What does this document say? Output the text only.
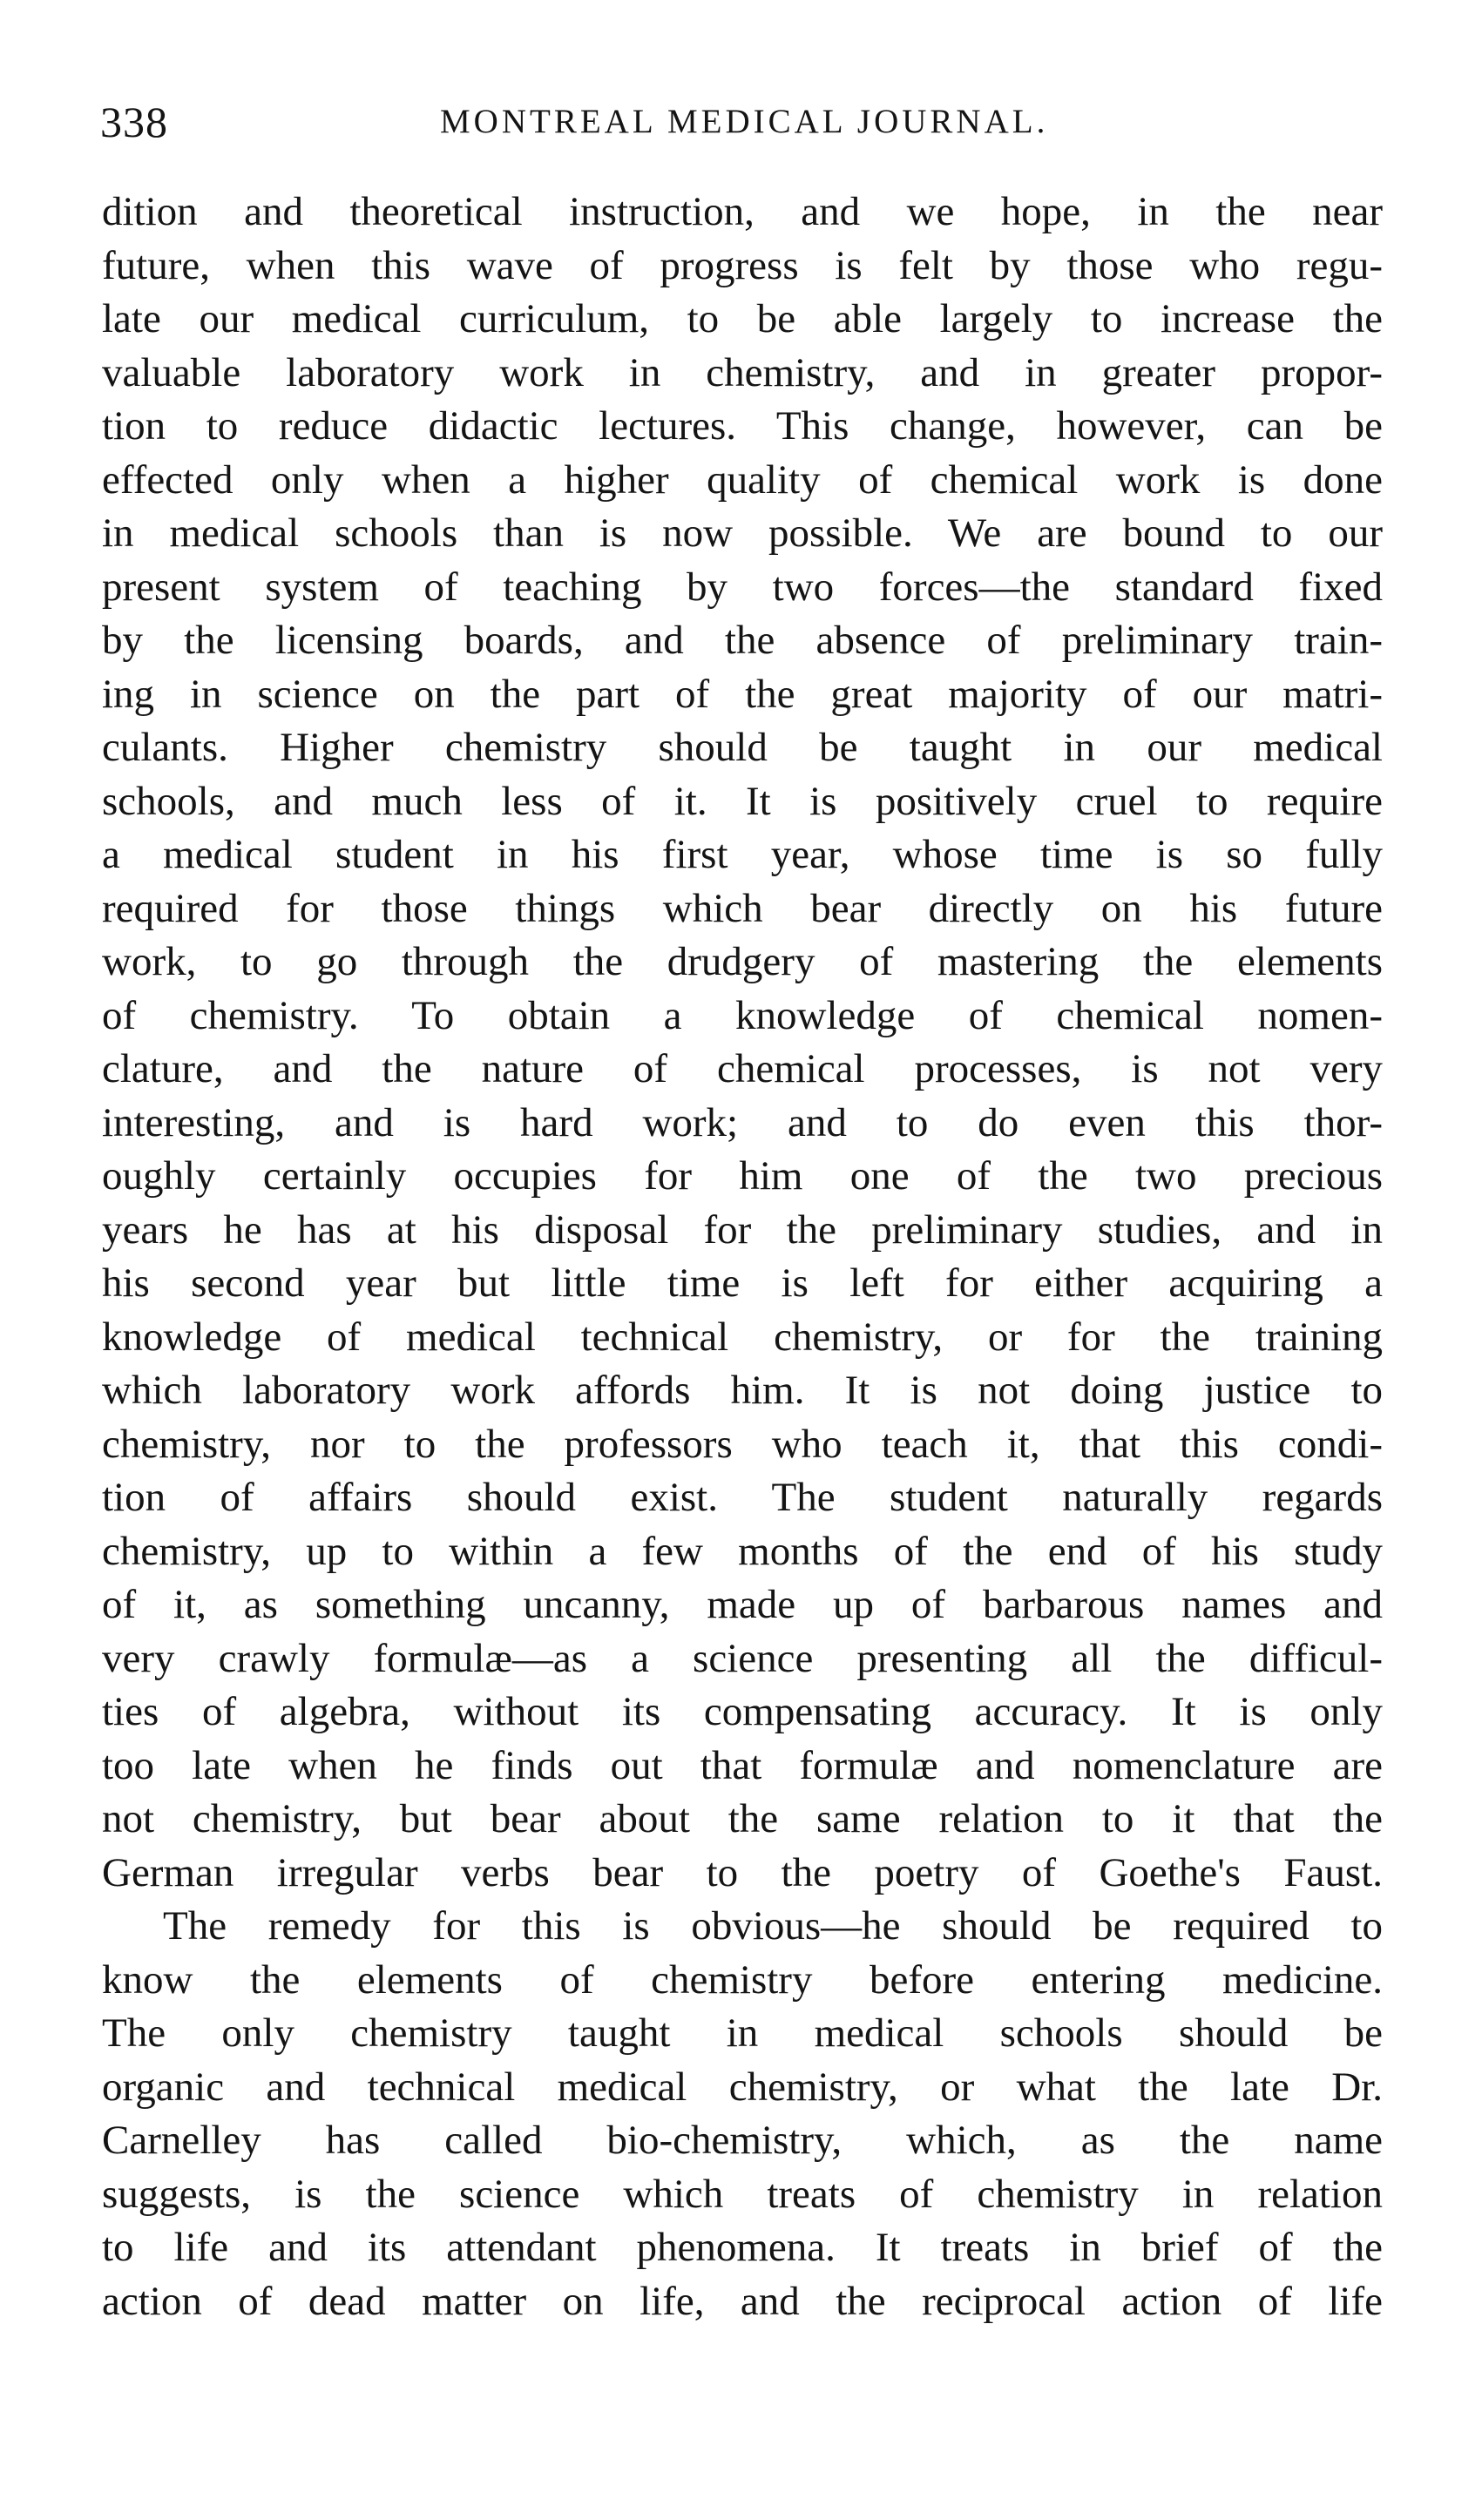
338	MONTREAL MEDICAL JOURNAL.
dition and theoretical instruction, and we hope, in the near
future, when this wave of progress is felt by those who regu-
late our medical curriculum, to be able largely to increase the
valuable laboratory work in chemistry, and in greater propor-
tion to reduce didactic lectures. This change, however, can be
effected only when a higher quality of chemical work is done
in medical schools than is now possible. We are bound to our
present system of teaching by two forces—the standard fixed
by the licensing boards, and the absence of preliminary train-
ing in science on the part of the great majority of our matri-
culants. Higher chemistry should be taught in our medical
schools, and much less of it. It is positively cruel to require
a medical student in his first year, whose time is so fully
required for those things which bear directly on his future
work, to go through the drudgery of mastering the elements
of chemistry. To obtain a knowledge of chemical nomen-
clature, and the nature of chemical processes, is not very
interesting, and is hard work; and to do even this thor-
oughly certainly occupies for him one of the two precious
years he has at his disposal for the preliminary studies, and in
his second year but little time is left for either acquiring a
knowledge of medical technical chemistry, or for the training
which laboratory work affords him. It is not doing justice to
chemistry, nor to the professors who teach it, that this condi-
tion of affairs should exist. The student naturally regards
chemistry, up to within a few months of the end of his study
of it, as something uncanny, made up of barbarous names and
very crawly formulæ—as a science presenting all the difficul-
ties of algebra, without its compensating accuracy. It is only
too late when he finds out that formulæ and nomenclature are
not chemistry, but bear about the same relation to it that the
German irregular verbs bear to the poetry of Goethe's Faust.
The remedy for this is obvious—he should be required to
know the elements of chemistry before entering medicine.
The only chemistry taught in medical schools should be
organic and technical medical chemistry, or what the late Dr.
Carnelley has called bio-chemistry, which, as the name
suggests, is the science which treats of chemistry in relation
to life and its attendant phenomena. It treats in brief of the
action of dead matter on life, and the reciprocal action of life
